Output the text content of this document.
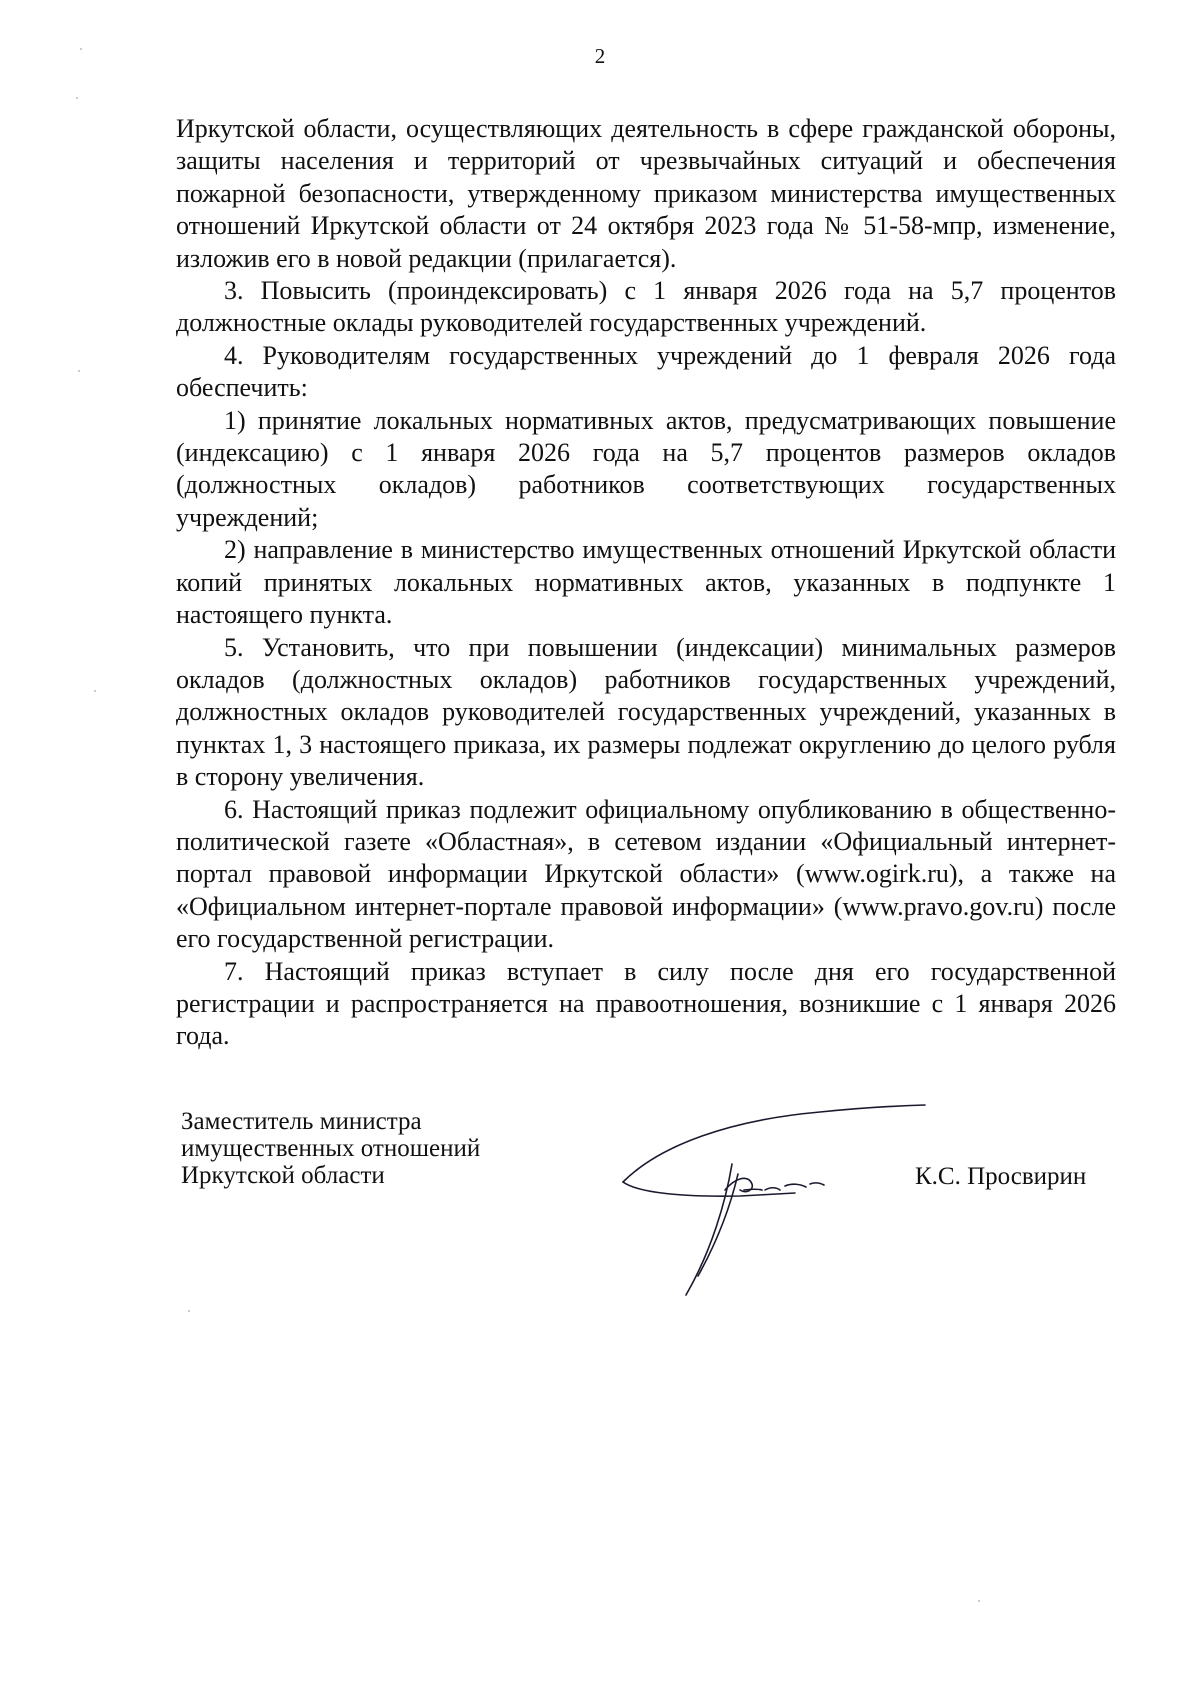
2

Иркутской области, осуществляющих деятельность в сфере гражданской обороны, защиты населения и территорий от чрезвычайных ситуаций и обеспечения пожарной безопасности, утвержденному приказом министерства имущественных отношений Иркутской области от 24 октября 2023 года № 51-58-мпр, изменение, изложив его в новой редакции (прилагается).

3. Повысить (проиндексировать) с 1 января 2026 года на 5,7 процентов должностные оклады руководителей государственных учреждений.

4. Руководителям государственных учреждений до 1 февраля 2026 года обеспечить:

1) принятие локальных нормативных актов, предусматривающих повышение (индексацию) с 1 января 2026 года на 5,7 процентов размеров окладов (должностных окладов) работников соответствующих государственных учреждений;

2) направление в министерство имущественных отношений Иркутской области копий принятых локальных нормативных актов, указанных в подпункте 1 настоящего пункта.

5. Установить, что при повышении (индексации) минимальных размеров окладов (должностных окладов) работников государственных учреждений, должностных окладов руководителей государственных учреждений, указанных в пунктах 1, 3 настоящего приказа, их размеры подлежат округлению до целого рубля в сторону увеличения.

6. Настоящий приказ подлежит официальному опубликованию в общественно-политической газете «Областная», в сетевом издании «Официальный интернет-портал правовой информации Иркутской области» (www.ogirk.ru), а также на «Официальном интернет-портале правовой информации» (www.pravo.gov.ru) после его государственной регистрации.

7. Настоящий приказ вступает в силу после дня его государственной регистрации и распространяется на правоотношения, возникшие с 1 января 2026 года.

Заместитель министра
имущественных отношений
Иркутской области	К.С. Просвирин
